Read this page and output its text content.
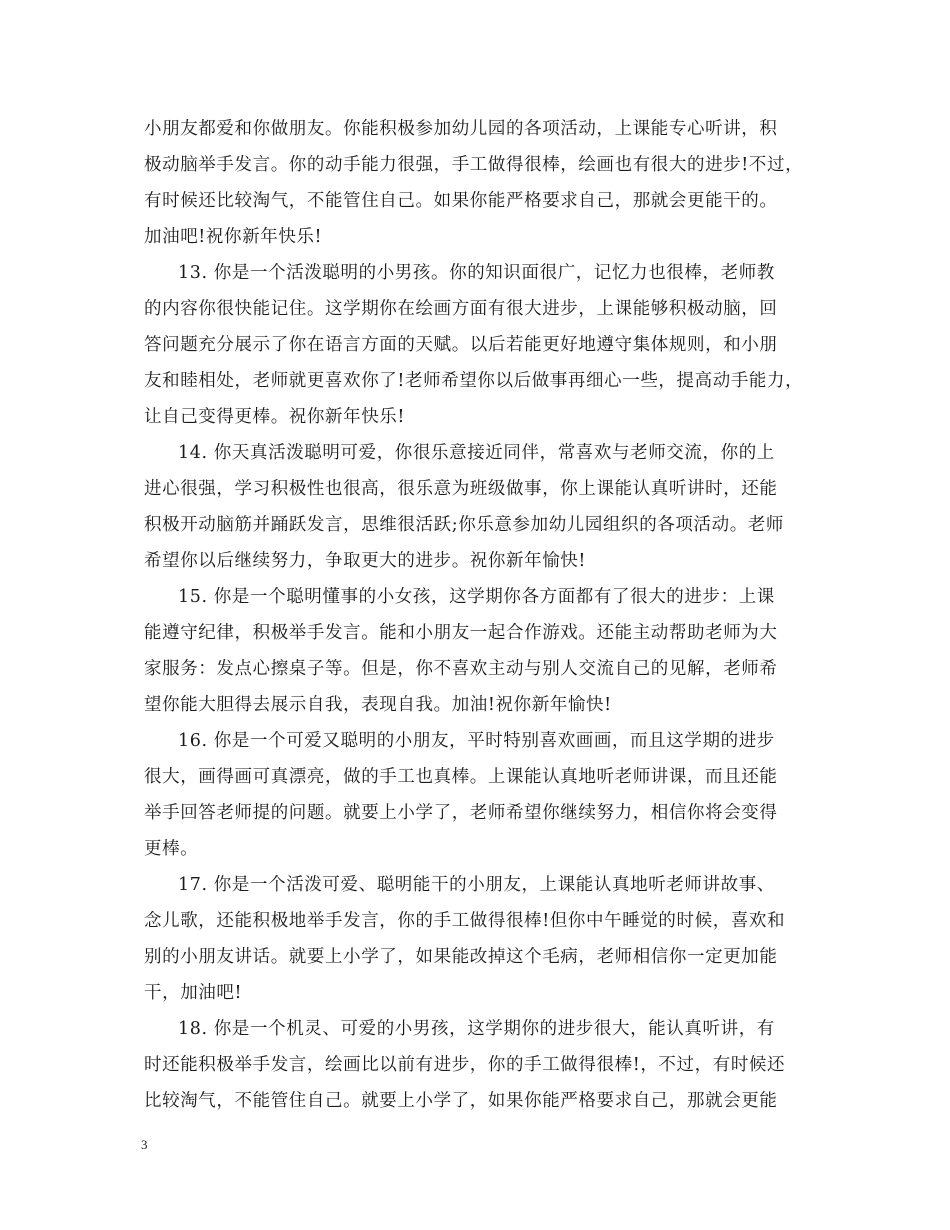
小朋友都爱和你做朋友。你能积极参加幼儿园的各项活动，上课能专心听讲，积
极动脑举手发言。你的动手能力很强，手工做得很棒，绘画也有很大的进步!不过，
有时候还比较淘气，不能管住自己。如果你能严格要求自己，那就会更能干的。
加油吧!祝你新年快乐!
13. 你是一个活泼聪明的小男孩。你的知识面很广，记忆力也很棒，老师教
的内容你很快能记住。这学期你在绘画方面有很大进步，上课能够积极动脑，回
答问题充分展示了你在语言方面的天赋。以后若能更好地遵守集体规则，和小朋
友和睦相处，老师就更喜欢你了!老师希望你以后做事再细心一些，提高动手能力，
让自己变得更棒。祝你新年快乐!
14. 你天真活泼聪明可爱，你很乐意接近同伴，常喜欢与老师交流，你的上
进心很强，学习积极性也很高，很乐意为班级做事，你上课能认真听讲时，还能
积极开动脑筋并踊跃发言，思维很活跃;你乐意参加幼儿园组织的各项活动。老师
希望你以后继续努力，争取更大的进步。祝你新年愉快!
15. 你是一个聪明懂事的小女孩，这学期你各方面都有了很大的进步：上课
能遵守纪律，积极举手发言。能和小朋友一起合作游戏。还能主动帮助老师为大
家服务：发点心擦桌子等。但是，你不喜欢主动与别人交流自己的见解，老师希
望你能大胆得去展示自我，表现自我。加油!祝你新年愉快!
16. 你是一个可爱又聪明的小朋友，平时特别喜欢画画，而且这学期的进步
很大，画得画可真漂亮，做的手工也真棒。上课能认真地听老师讲课，而且还能
举手回答老师提的问题。就要上小学了，老师希望你继续努力，相信你将会变得
更棒。
17. 你是一个活泼可爱、聪明能干的小朋友，上课能认真地听老师讲故事、
念儿歌，还能积极地举手发言，你的手工做得很棒!但你中午睡觉的时候，喜欢和
别的小朋友讲话。就要上小学了，如果能改掉这个毛病，老师相信你一定更加能
干，加油吧!
18. 你是一个机灵、可爱的小男孩，这学期你的进步很大，能认真听讲，有
时还能积极举手发言，绘画比以前有进步，你的手工做得很棒!，不过，有时候还
比较淘气，不能管住自己。就要上小学了，如果你能严格要求自己，那就会更能
3
